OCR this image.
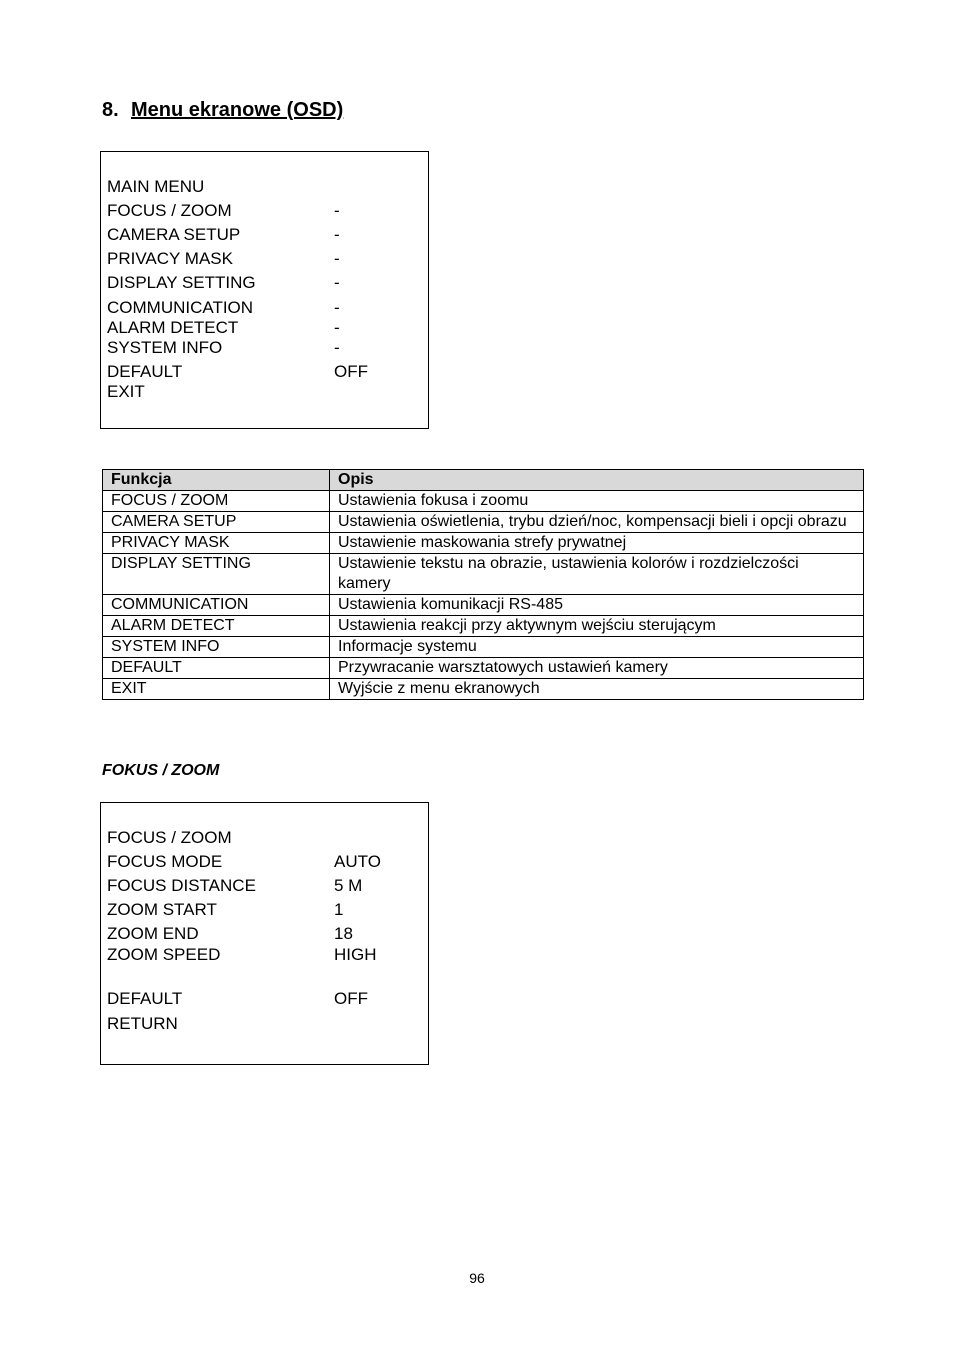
8. Menu ekranowe (OSD)
MAIN MENU
FOCUS / ZOOM	-
CAMERA SETUP	-
PRIVACY MASK	-
DISPLAY SETTING	-
COMMUNICATION	-
ALARM DETECT	-
SYSTEM INFO	-
DEFAULT	OFF
EXIT
Funkcja	Opis
FOCUS / ZOOM	Ustawienia fokusa i zoomu
CAMERA SETUP	Ustawienia oświetlenia, trybu dzień/noc, kompensacji bieli i opcji obrazu
PRIVACY MASK	Ustawienie maskowania strefy prywatnej
DISPLAY SETTING	Ustawienie tekstu na obrazie, ustawienia kolorów i rozdzielczości kamery
COMMUNICATION	Ustawienia komunikacji RS-485
ALARM DETECT	Ustawienia reakcji przy aktywnym wejściu sterującym
SYSTEM INFO	Informacje systemu
DEFAULT	Przywracanie warsztatowych ustawień kamery
EXIT	Wyjście z menu ekranowych
FOKUS / ZOOM
FOCUS / ZOOM
FOCUS MODE	AUTO
FOCUS DISTANCE	5 M
ZOOM START	1
ZOOM END	18
ZOOM SPEED	HIGH
DEFAULT	OFF
RETURN
96
